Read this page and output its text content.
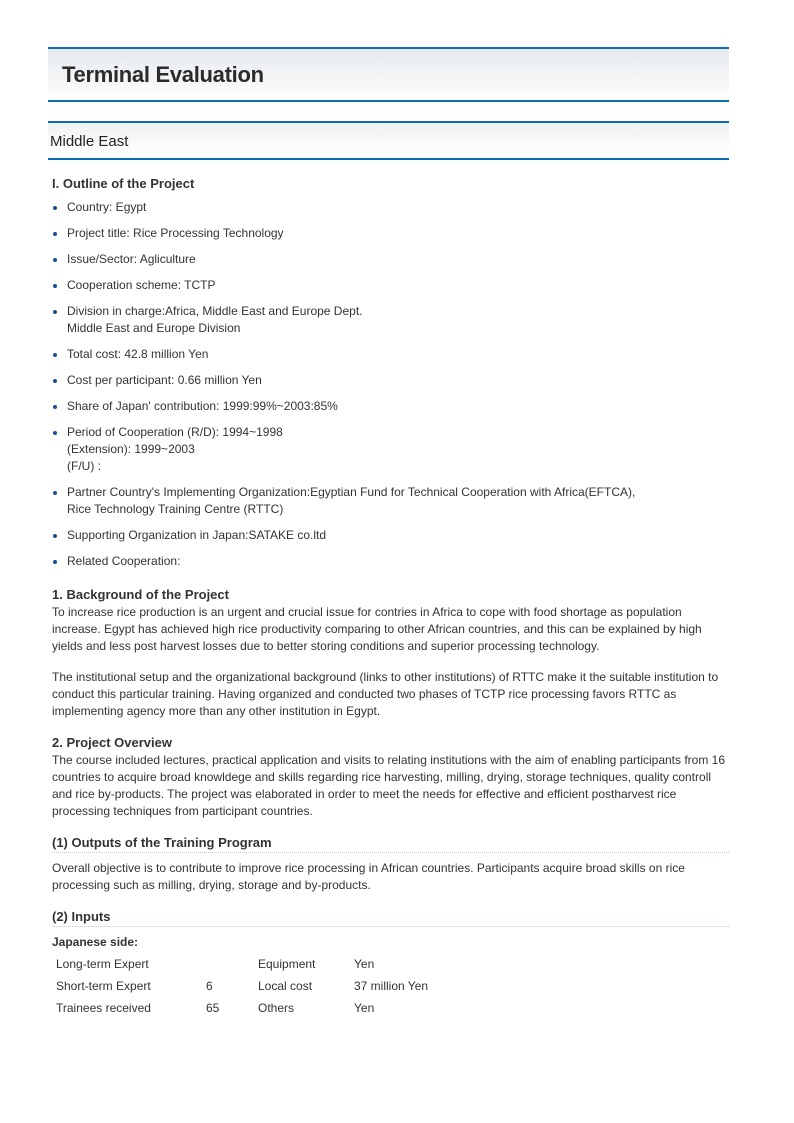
Terminal Evaluation
Middle East
I. Outline of the Project
Country: Egypt
Project title: Rice Processing Technology
Issue/Sector: Agliculture
Cooperation scheme: TCTP
Division in charge:Africa, Middle East and Europe Dept.
Middle East and Europe Division
Total cost: 42.8 million Yen
Cost per participant: 0.66 million Yen
Share of Japan' contribution: 1999:99%~2003:85%
Period of Cooperation (R/D): 1994~1998
(Extension): 1999~2003
(F/U) :
Partner Country's Implementing Organization:Egyptian Fund for Technical Cooperation with Africa(EFTCA),
Rice Technology Training Centre (RTTC)
Supporting Organization in Japan:SATAKE co.ltd
Related Cooperation:
1. Background of the Project

To increase rice production is an urgent and crucial issue for contries in Africa to cope with food shortage as population
increase. Egypt has achieved high rice productivity comparing to other African countries, and this can be explained by high
yields and less post harvest losses due to better storing conditions and superior processing technology.

The institutional setup and the organizational background (links to other institutions) of RTTC make it the suitable institution to
conduct this particular training. Having organized and conducted two phases of TCTP rice processing favors RTTC as
implementing agency more than any other institution in Egypt.

2. Project Overview

The course included lectures, practical application and visits to relating institutions with the aim of enabling participants from 16
countries to acquire broad knowldege and skills regarding rice harvesting, milling, drying, storage techniques, quality controll
and rice by-products. The project was elaborated in order to meet the needs for effective and efficient postharvest rice
processing techniques from participant countries.

(1) Outputs of the Training Program

Overall objective is to contribute to improve rice processing in African countries. Participants acquire broad skills on rice
processing such as milling, drying, storage and by-products.

(2) Inputs

Japanese side:

Long-term Expert		Equipment	Yen
Short-term Expert	6	Local cost	37 million Yen
Trainees received	65	Others	Yen
